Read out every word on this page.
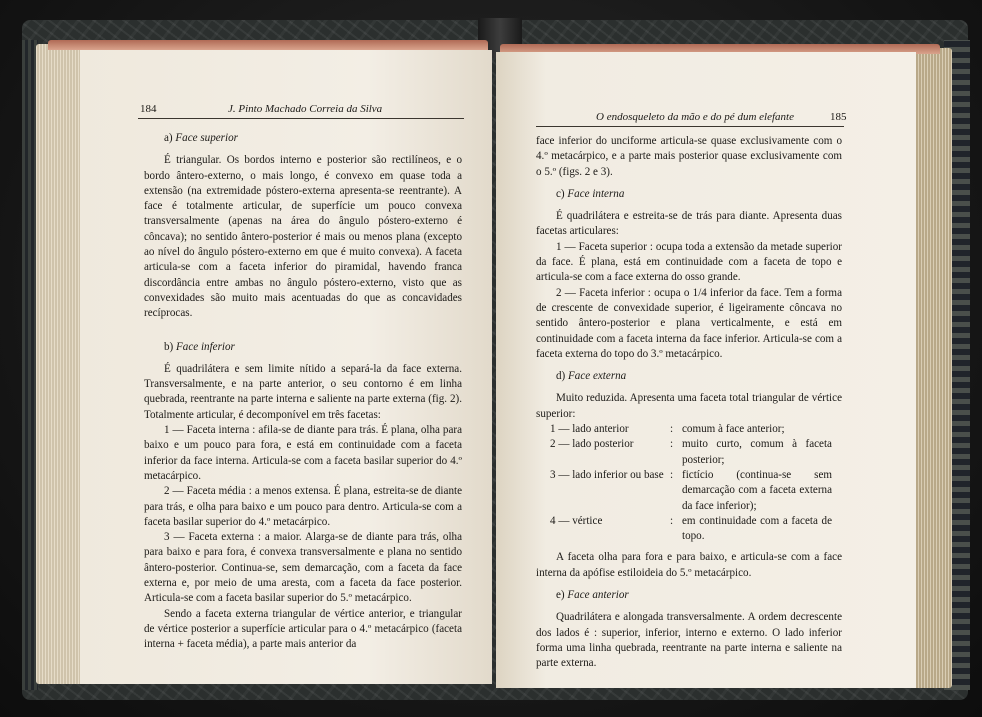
184	J. Pinto Machado Correia da Silva

a) Face superior

É triangular. Os bordos interno e posterior são rectilíneos, e o bordo ântero-externo, o mais longo, é convexo em quase toda a extensão (na extremidade póstero-externa apresenta-se reentrante). A face é totalmente articular, de superfície um pouco convexa transversalmente (apenas na área do ângulo póstero-externo é côncava); no sentido ântero-posterior é mais ou menos plana (excepto ao nível do ângulo póstero-externo em que é muito convexa). A faceta articula-se com a faceta inferior do piramidal, havendo franca discordância entre ambas no ângulo póstero-externo, visto que as convexidades são muito mais acentuadas do que as concavidades recíprocas.

b) Face inferior

É quadrilátera e sem limite nítido a separá-la da face externa. Transversalmente, e na parte anterior, o seu contorno é em linha quebrada, reentrante na parte interna e saliente na parte externa (fig. 2). Totalmente articular, é decomponível em três facetas:

1 — Faceta interna : afila-se de diante para trás. É plana, olha para baixo e um pouco para fora, e está em continuidade com a faceta inferior da face interna. Articula-se com a faceta basilar superior do 4.º metacárpico.

2 — Faceta média : a menos extensa. É plana, estreita-se de diante para trás, e olha para baixo e um pouco para dentro. Articula-se com a faceta basilar superior do 4.º metacárpico.

3 — Faceta externa : a maior. Alarga-se de diante para trás, olha para baixo e para fora, é convexa transversalmente e plana no sentido ântero-posterior. Continua-se, sem demarcação, com a faceta da face externa e, por meio de uma aresta, com a faceta da face posterior. Articula-se com a faceta basilar superior do 5.º metacárpico.

Sendo a faceta externa triangular de vértice anterior, e triangular de vértice posterior a superfície articular para o 4.º metacárpico (faceta interna + faceta média), a parte mais anterior da

O endosqueleto da mão e do pé dum elefante	185

face inferior do unciforme articula-se quase exclusivamente com o 4.º metacárpico, e a parte mais posterior quase exclusivamente com o 5.º (figs. 2 e 3).

c) Face interna

É quadrilátera e estreita-se de trás para diante. Apresenta duas facetas articulares:

1 — Faceta superior : ocupa toda a extensão da metade superior da face. É plana, está em continuidade com a faceta de topo e articula-se com a face externa do osso grande.

2 — Faceta inferior : ocupa o 1/4 inferior da face. Tem a forma de crescente de convexidade superior, é ligeiramente côncava no sentido ântero-posterior e plana verticalmente, e está em continuidade com a faceta interna da face inferior. Articula-se com a faceta externa do topo do 3.º metacárpico.

d) Face externa

Muito reduzida. Apresenta uma faceta total triangular de vértice superior:

1 — lado anterior	:	comum à face anterior;
2 — lado posterior	:	muito curto, comum à faceta posterior;
3 — lado inferior ou base	:	fictício (continua-se sem demarcação com a faceta externa da face inferior);
4 — vértice	:	em continuidade com a faceta de topo.

A faceta olha para fora e para baixo, e articula-se com a face interna da apófise estiloideia do 5.º metacárpico.

e) Face anterior

Quadrilátera e alongada transversalmente. A ordem decrescente dos lados é : superior, inferior, interno e externo. O lado inferior forma uma linha quebrada, reentrante na parte interna e saliente na parte externa.
